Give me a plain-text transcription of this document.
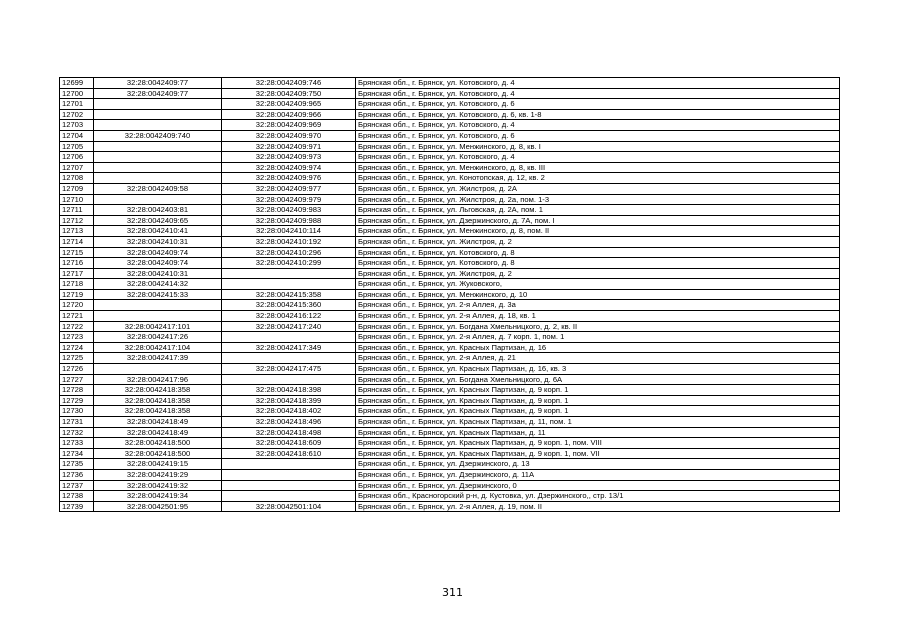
12699	32:28:0042409:77	32:28:0042409:746	Брянская обл., г. Брянск, ул. Котовского, д. 4
12700	32:28:0042409:77	32:28:0042409:750	Брянская обл., г. Брянск, ул. Котовского, д. 4
12701		32:28:0042409:965	Брянская обл., г. Брянск, ул. Котовского, д. 6
12702		32:28:0042409:966	Брянская обл., г. Брянск, ул. Котовского, д. 6, кв. 1-8
12703		32:28:0042409:969	Брянская обл., г. Брянск, ул. Котовского, д. 4
12704	32:28:0042409:740	32:28:0042409:970	Брянская обл., г. Брянск, ул. Котовского, д. 6
12705		32:28:0042409:971	Брянская обл., г. Брянск, ул. Менжинского, д. 8, кв. I
12706		32:28:0042409:973	Брянская обл., г. Брянск, ул. Котовского, д. 4
12707		32:28:0042409:974	Брянская обл., г. Брянск, ул. Менжинского, д. 8, кв. III
12708		32:28:0042409:976	Брянская обл., г. Брянск, ул. Конотопская, д. 12, кв. 2
12709	32:28:0042409:58	32:28:0042409:977	Брянская обл., г. Брянск, ул. Жилстроя, д. 2А
12710		32:28:0042409:979	Брянская обл., г. Брянск, ул. Жилстроя, д. 2а, пом. 1-3
12711	32:28:0042403:81	32:28:0042409:983	Брянская обл., г. Брянск, ул. Льговская, д. 2А, пом. 1
12712	32:28:0042409:65	32:28:0042409:988	Брянская обл., г. Брянск, ул. Дзержинского, д. 7А, пом. I
12713	32:28:0042410:41	32:28:0042410:114	Брянская обл., г. Брянск, ул. Менжинского, д. 8, пом. II
12714	32:28:0042410:31	32:28:0042410:192	Брянская обл., г. Брянск, ул. Жилстроя, д. 2
12715	32:28:0042409:74	32:28:0042410:296	Брянская обл., г. Брянск, ул. Котовского, д. 8
12716	32:28:0042409:74	32:28:0042410:299	Брянская обл., г. Брянск, ул. Котовского, д. 8
12717	32:28:0042410:31		Брянская обл., г. Брянск, ул. Жилстроя, д. 2
12718	32:28:0042414:32		Брянская обл., г. Брянск, ул. Жуковского,
12719	32:28:0042415:33	32:28:0042415:358	Брянская обл., г. Брянск, ул. Менжинского, д. 10
12720		32:28:0042415:360	Брянская обл., г. Брянск, ул. 2-я Аллея, д. 3а
12721		32:28:0042416:122	Брянская обл., г. Брянск, ул. 2-я Аллея, д. 18, кв. 1
12722	32:28:0042417:101	32:28:0042417:240	Брянская обл., г. Брянск, ул. Богдана Хмельницкого, д. 2, кв. II
12723	32:28:0042417:26		Брянская обл., г. Брянск, ул. 2-я Аллея, д. 7 корп. 1, пом. 1
12724	32:28:0042417:104	32:28:0042417:349	Брянская обл., г. Брянск, ул. Красных Партизан, д. 16
12725	32:28:0042417:39		Брянская обл., г. Брянск, ул. 2-я Аллея, д. 21
12726		32:28:0042417:475	Брянская обл., г. Брянск, ул. Красных Партизан, д. 16, кв. 3
12727	32:28:0042417:96		Брянская обл., г. Брянск, ул. Богдана Хмельницкого, д. 6А
12728	32:28:0042418:358	32:28:0042418:398	Брянская обл., г. Брянск, ул. Красных Партизан, д. 9 корп. 1
12729	32:28:0042418:358	32:28:0042418:399	Брянская обл., г. Брянск, ул. Красных Партизан, д. 9 корп. 1
12730	32:28:0042418:358	32:28:0042418:402	Брянская обл., г. Брянск, ул. Красных Партизан, д. 9 корп. 1
12731	32:28:0042418:49	32:28:0042418:496	Брянская обл., г. Брянск, ул. Красных Партизан, д. 11, пом. 1
12732	32:28:0042418:49	32:28:0042418:498	Брянская обл., г. Брянск, ул. Красных Партизан, д. 11
12733	32:28:0042418:500	32:28:0042418:609	Брянская обл., г. Брянск, ул. Красных Партизан, д. 9 корп. 1, пом. VIII
12734	32:28:0042418:500	32:28:0042418:610	Брянская обл., г. Брянск, ул. Красных Партизан, д. 9 корп. 1, пом. VII
12735	32:28:0042419:15		Брянская обл., г. Брянск, ул. Дзержинского, д. 13
12736	32:28:0042419:29		Брянская обл., г. Брянск, ул. Дзержинского, д. 11А
12737	32:28:0042419:32		Брянская обл., г. Брянск, ул. Дзержинского, 0
12738	32:28:0042419:34		Брянская обл., Красногорский р-н, д. Кустовка, ул. Дзержинского,, стр. 13/1
12739	32:28:0042501:95	32:28:0042501:104	Брянская обл., г. Брянск, ул. 2-я Аллея, д. 19, пом. II
311
